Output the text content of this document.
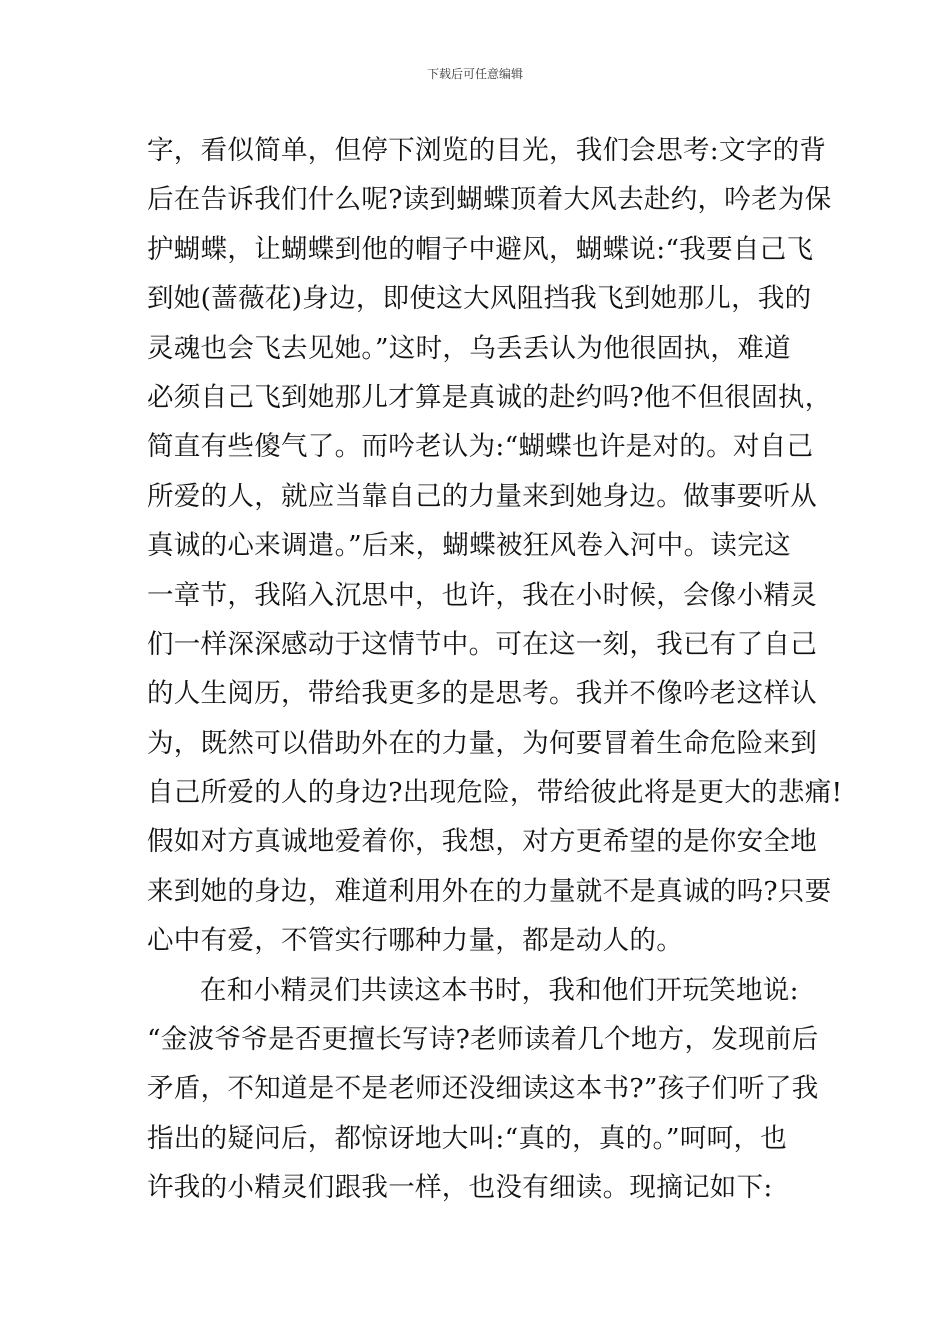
下载后可任意编辑
字，看似简单，但停下浏览的目光，我们会思考:文字的背
后在告诉我们什么呢?读到蝴蝶顶着大风去赴约，吟老为保
护蝴蝶，让蝴蝶到他的帽子中避风，蝴蝶说:“我要自己飞
到她(蔷薇花)身边，即使这大风阻挡我飞到她那儿，我的
灵魂也会飞去见她。”这时，乌丢丢认为他很固执，难道
必须自己飞到她那儿才算是真诚的赴约吗?他不但很固执，
简直有些傻气了。而吟老认为:“蝴蝶也许是对的。对自己
所爱的人，就应当靠自己的力量来到她身边。做事要听从
真诚的心来调遣。”后来，蝴蝶被狂风卷入河中。读完这
一章节，我陷入沉思中，也许，我在小时候，会像小精灵
们一样深深感动于这情节中。可在这一刻，我已有了自己
的人生阅历，带给我更多的是思考。我并不像吟老这样认
为，既然可以借助外在的力量，为何要冒着生命危险来到
自己所爱的人的身边?出现危险，带给彼此将是更大的悲痛!
假如对方真诚地爱着你，我想，对方更希望的是你安全地
来到她的身边，难道利用外在的力量就不是真诚的吗?只要
心中有爱，不管实行哪种力量，都是动人的。
在和小精灵们共读这本书时，我和他们开玩笑地说:
“金波爷爷是否更擅长写诗?老师读着几个地方，发现前后
矛盾，不知道是不是老师还没细读这本书?”孩子们听了我
指出的疑问后，都惊讶地大叫:“真的，真的。”呵呵，也
许我的小精灵们跟我一样，也没有细读。现摘记如下:
